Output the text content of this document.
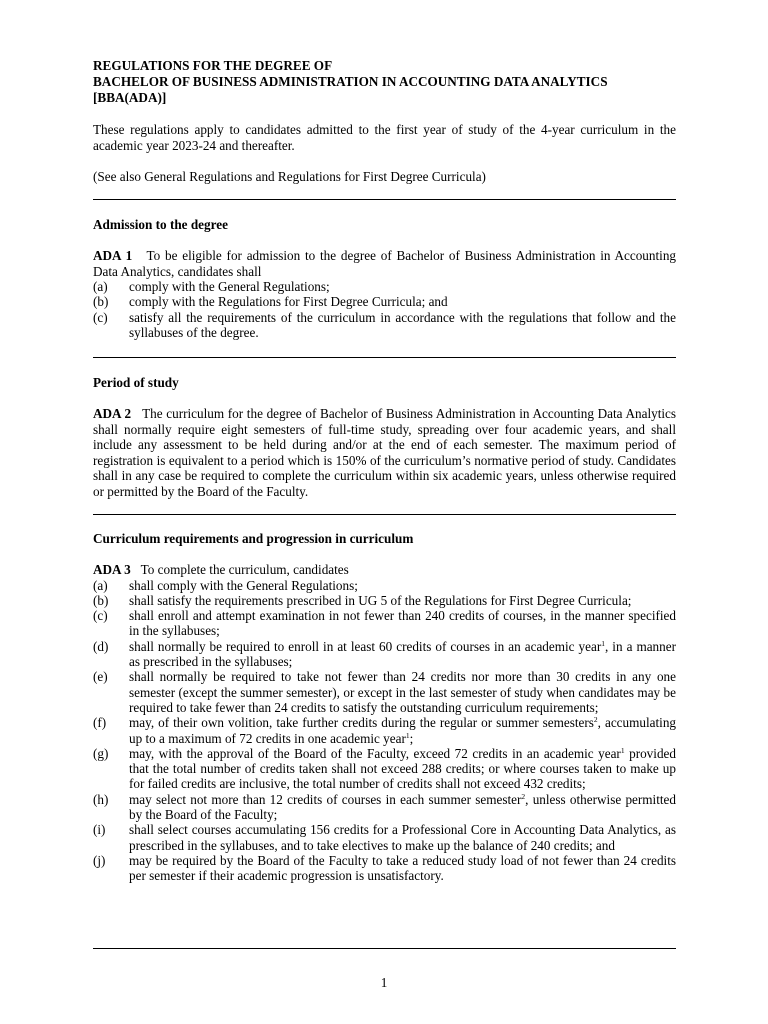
REGULATIONS FOR THE DEGREE OF
BACHELOR OF BUSINESS ADMINISTRATION IN ACCOUNTING DATA ANALYTICS
[BBA(ADA)]

These regulations apply to candidates admitted to the first year of study of the 4-year curriculum in the academic year 2023-24 and thereafter.

(See also General Regulations and Regulations for First Degree Curricula)

Admission to the degree

ADA 1 To be eligible for admission to the degree of Bachelor of Business Administration in Accounting Data Analytics, candidates shall

(a)	comply with the General Regulations;
(b)	comply with the Regulations for First Degree Curricula; and
(c)	satisfy all the requirements of the curriculum in accordance with the regulations that follow and the syllabuses of the degree.
Period of study

ADA 2 The curriculum for the degree of Bachelor of Business Administration in Accounting Data Analytics shall normally require eight semesters of full-time study, spreading over four academic years, and shall include any assessment to be held during and/or at the end of each semester. The maximum period of registration is equivalent to a period which is 150% of the curriculum’s normative period of study. Candidates shall in any case be required to complete the curriculum within six academic years, unless otherwise required or permitted by the Board of the Faculty.

Curriculum requirements and progression in curriculum

ADA 3 To complete the curriculum, candidates

(a)	shall comply with the General Regulations;
(b)	shall satisfy the requirements prescribed in UG 5 of the Regulations for First Degree Curricula;
(c)	shall enroll and attempt examination in not fewer than 240 credits of courses, in the manner specified in the syllabuses;
(d)	shall normally be required to enroll in at least 60 credits of courses in an academic year$^1$, in a manner as prescribed in the syllabuses;
(e)	shall normally be required to take not fewer than 24 credits nor more than 30 credits in any one semester (except the summer semester), or except in the last semester of study when candidates may be required to take fewer than 24 credits to satisfy the outstanding curriculum requirements;
(f)	may, of their own volition, take further credits during the regular or summer semesters$^2$, accumulating up to a maximum of 72 credits in one academic year$^1$;
(g)	may, with the approval of the Board of the Faculty, exceed 72 credits in an academic year$^1$ provided that the total number of credits taken shall not exceed 288 credits; or where courses taken to make up for failed credits are inclusive, the total number of credits shall not exceed 432 credits;
(h)	may select not more than 12 credits of courses in each summer semester$^2$, unless otherwise permitted by the Board of the Faculty;
(i)	shall select courses accumulating 156 credits for a Professional Core in Accounting Data Analytics, as prescribed in the syllabuses, and to take electives to make up the balance of 240 credits; and
(j)	may be required by the Board of the Faculty to take a reduced study load of not fewer than 24 credits per semester if their academic progression is unsatisfactory.
1
